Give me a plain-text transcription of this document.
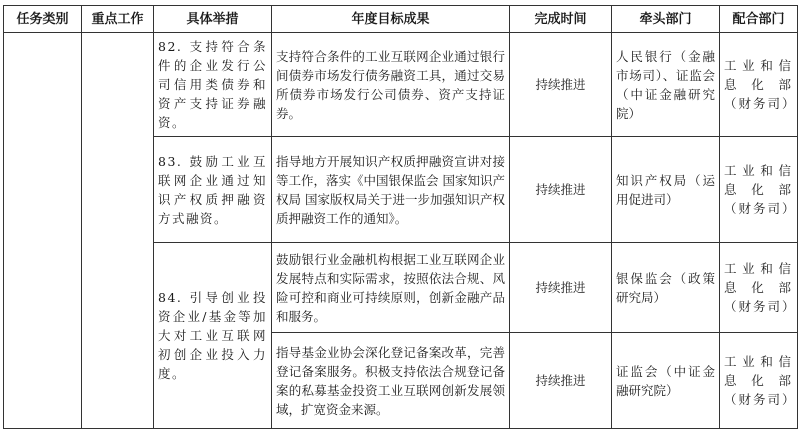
任务类别	重点工作	具体举措	年度目标成果	完成时间	牵头部门	配合部门
		82. 支持符合条件的企业发行公司信用类债券和资产支持证券融资。	支持符合条件的工业互联网企业通过银行间债券市场发行债务融资工具，通过交易所债券市场发行公司债券、资产支持证券。	持续推进	人民银行（金融市场司）、证监会（中证金融研究院）	工业和信息化部（财务司）
		83. 鼓励工业互联网企业通过知识产权质押融资方式融资。	指导地方开展知识产权质押融资宣讲对接等工作，落实《中国银保监会 国家知识产权局 国家版权局关于进一步加强知识产权质押融资工作的通知》。	持续推进	知识产权局（运用促进司）	工业和信息化部（财务司）
		84. 引导创业投资企业/基金等加大对工业互联网初创企业投入力度。	鼓励银行业金融机构根据工业互联网企业发展特点和实际需求，按照依法合规、风险可控和商业可持续原则，创新金融产品和服务。	持续推进	银保监会（政策研究局）	工业和信息化部（财务司）
			指导基金业协会深化登记备案改革，完善登记备案服务。积极支持依法合规登记备案的私募基金投资工业互联网创新发展领域，扩宽资金来源。	持续推进	证监会（中证金融研究院）	工业和信息化部（财务司）
